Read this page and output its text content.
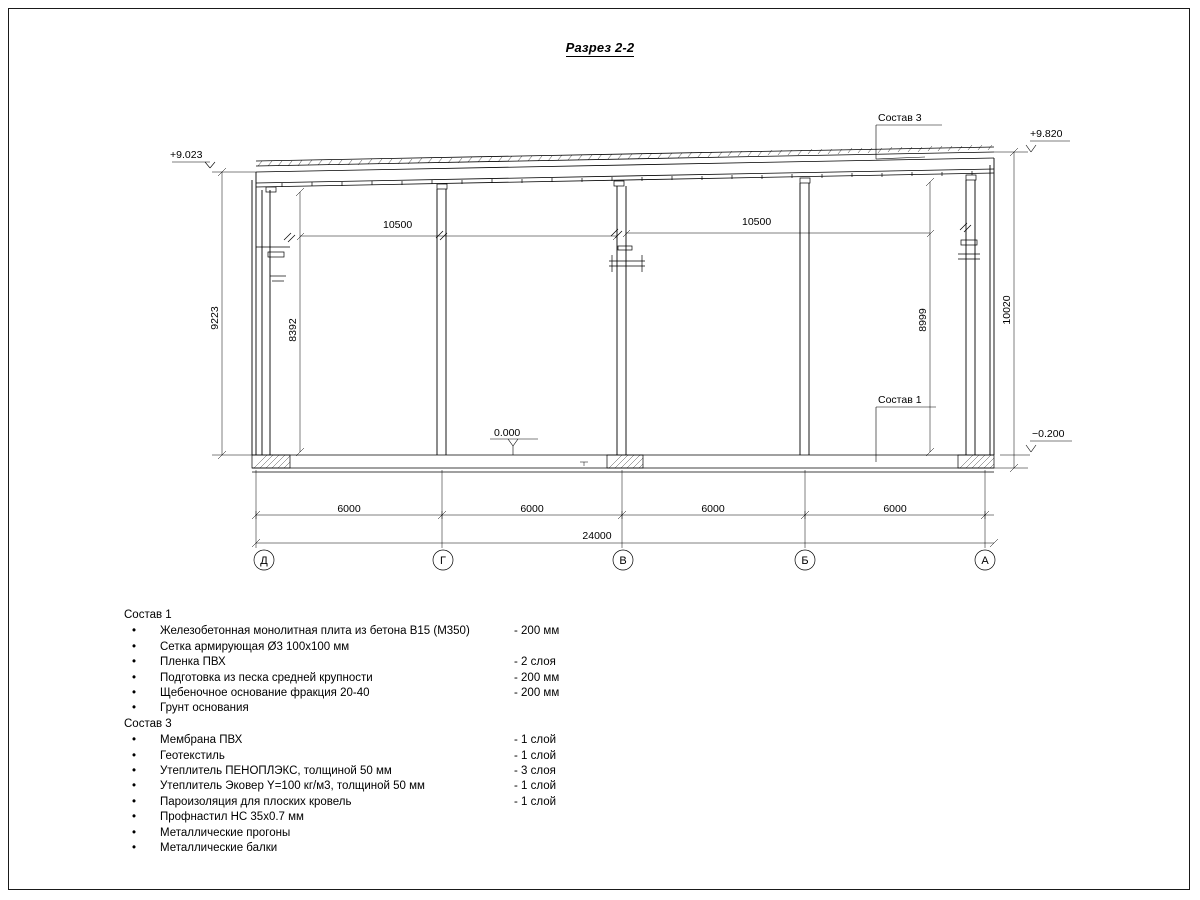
Разрез 2-2
+9.023
+9.820
0.000	−0.200
Состав 3
Состав 1
10500	10500
9223
8392	8999	10020
6000	6000	6000	6000
24000
Д	Г	В	Б	А
Состав 1
• Железобетонная монолитная плита из бетона В15 (М350)	- 200 мм
• Сетка армирующая Ø3 100x100 мм
• Пленка ПВХ	- 2 слоя
• Подготовка из песка средней крупности	- 200 мм
• Щебеночное основание фракция 20-40	- 200 мм
• Грунт основания
Состав 3
• Мембрана ПВХ	- 1 слой
• Геотекстиль	- 1 слой
• Утеплитель ПЕНОПЛЭКС, толщиной 50 мм	- 3 слоя
• Утеплитель Эковер Y=100 кг/м3, толщиной 50 мм	- 1 слой
• Пароизоляция для плоских кровель	- 1 слой
• Профнастил НС 35x0.7 мм
• Металлические прогоны
• Металлические балки
